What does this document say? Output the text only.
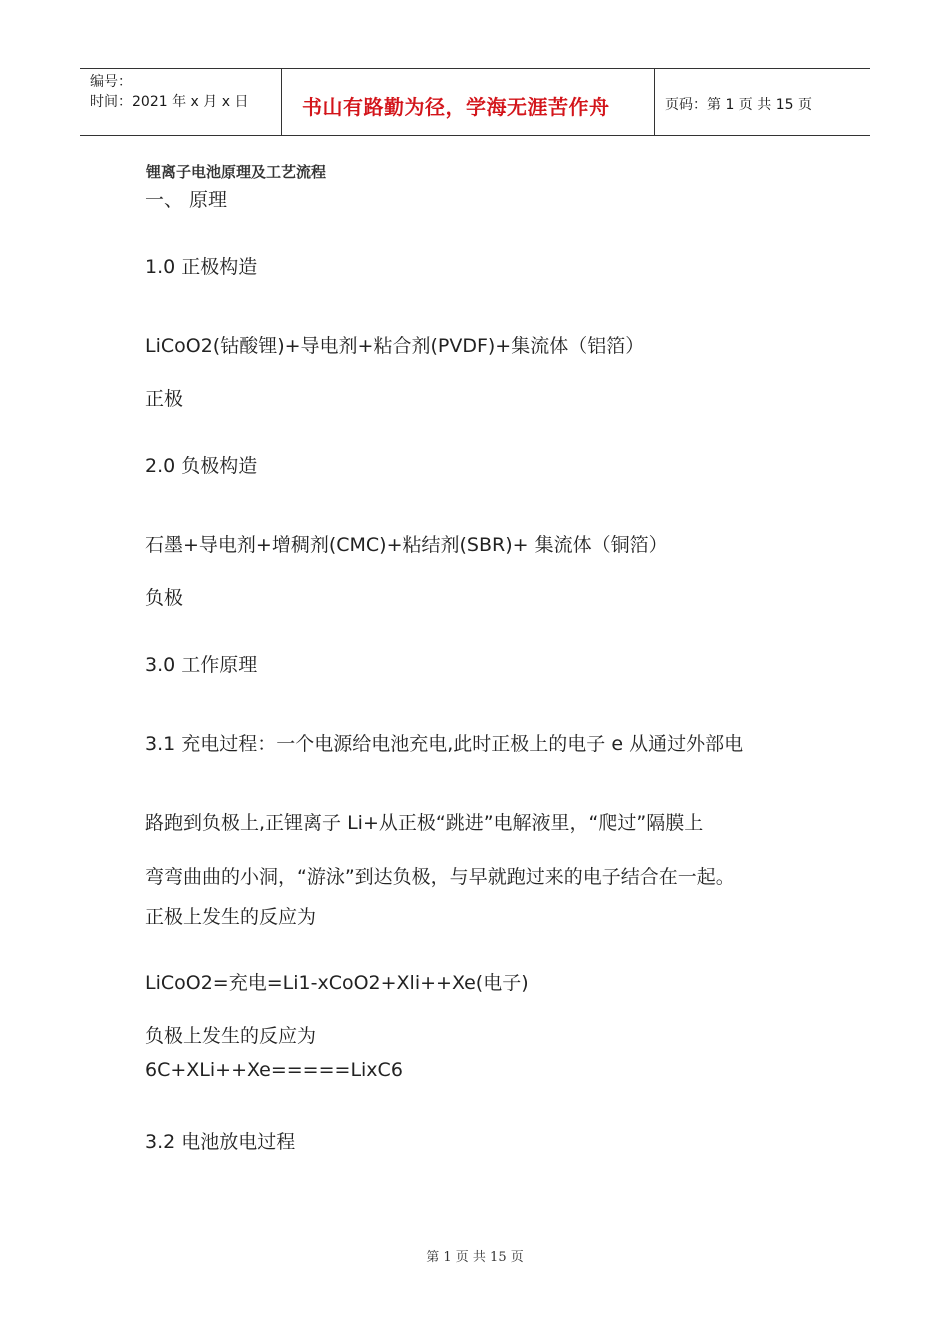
编号：
时间：2021 年 x 月 x 日	书山有路勤为径，学海无涯苦作舟	页码：第 1 页 共 15 页
锂离子电池原理及工艺流程
一、 原理
1.0 正极构造
LiCoO2(钴酸锂)+导电剂+粘合剂(PVDF)+集流体（铝箔）
正极
2.0 负极构造
石墨+导电剂+增稠剂(CMC)+粘结剂(SBR)+ 集流体（铜箔）
负极
3.0 工作原理
3.1 充电过程：一个电源给电池充电,此时正极上的电子 e 从通过外部电
路跑到负极上,正锂离子 Li+从正极“跳进”电解液里，“爬过”隔膜上
弯弯曲曲的小洞，“游泳”到达负极，与早就跑过来的电子结合在一起。
正极上发生的反应为
LiCoO2=充电=Li1-xCoO2+Xli++Xe(电子)
负极上发生的反应为
6C+XLi++Xe=====LixC6
3.2 电池放电过程
第 1 页 共 15 页
